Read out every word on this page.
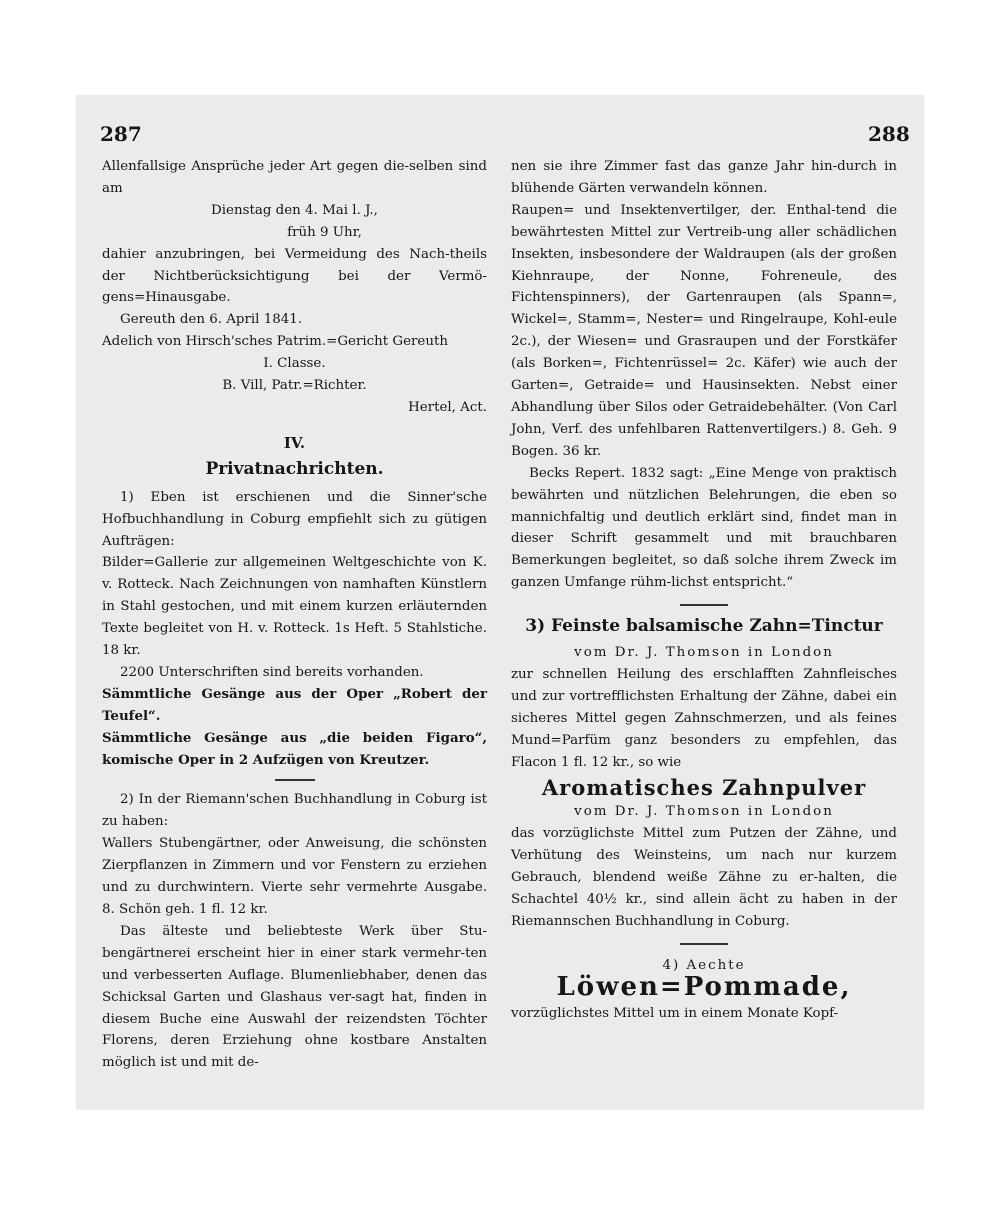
287	288

Allenfallsige Ansprüche jeder Art gegen die-selben sind am

Dienstag den 4. Mai l. J.,

früh 9 Uhr,

dahier anzubringen, bei Vermeidung des Nach-theils der Nichtberücksichtigung bei der Vermö-gens=Hinausgabe.

Gereuth den 6. April 1841.

Adelich von Hirsch'sches Patrim.=Gericht Gereuth

I. Classe.

B. Vill, Patr.=Richter.

Hertel, Act.

IV.
Privatnachrichten.

1) Eben ist erschienen und die Sinner'sche Hofbuchhandlung in Coburg empfiehlt sich zu gütigen Aufträgen:

Bilder=Gallerie zur allgemeinen Weltgeschichte von K. v. Rotteck. Nach Zeichnungen von namhaften Künstlern in Stahl gestochen, und mit einem kurzen erläuternden Texte begleitet von H. v. Rotteck. 1s Heft. 5 Stahlstiche. 18 kr.

2200 Unterschriften sind bereits vorhanden.

Sämmtliche Gesänge aus der Oper „Robert der Teufel“.

Sämmtliche Gesänge aus „die beiden Figaro“, komische Oper in 2 Aufzügen von Kreutzer.

2) In der Riemann'schen Buchhandlung in Coburg ist zu haben:

Wallers Stubengärtner, oder Anweisung, die schönsten Zierpflanzen in Zimmern und vor Fenstern zu erziehen und zu durchwintern. Vierte sehr vermehrte Ausgabe. 8. Schön geh. 1 fl. 12 kr.

Das älteste und beliebteste Werk über Stu-bengärtnerei erscheint hier in einer stark vermehr-ten und verbesserten Auflage. Blumenliebhaber, denen das Schicksal Garten und Glashaus ver-sagt hat, finden in diesem Buche eine Auswahl der reizendsten Töchter Florens, deren Erziehung ohne kostbare Anstalten möglich ist und mit de-

nen sie ihre Zimmer fast das ganze Jahr hin-durch in blühende Gärten verwandeln können.

Raupen= und Insektenvertilger, der. Enthal-tend die bewährtesten Mittel zur Vertreib-ung aller schädlichen Insekten, insbesondere der Waldraupen (als der großen Kiehnraupe, der Nonne, Fohreneule, des Fichtenspinners), der Gartenraupen (als Spann=, Wickel=, Stamm=, Nester= und Ringelraupe, Kohl-eule 2c.), der Wiesen= und Grasraupen und der Forstkäfer (als Borken=, Fichtenrüssel= 2c. Käfer) wie auch der Garten=, Getraide= und Hausinsekten. Nebst einer Abhandlung über Silos oder Getraidebehälter. (Von Carl John, Verf. des unfehlbaren Rattenvertilgers.) 8. Geh. 9 Bogen. 36 kr.

Becks Repert. 1832 sagt: „Eine Menge von praktisch bewährten und nützlichen Belehrungen, die eben so mannichfaltig und deutlich erklärt sind, findet man in dieser Schrift gesammelt und mit brauchbaren Bemerkungen begleitet, so daß solche ihrem Zweck im ganzen Umfange rühm-lichst entspricht.“

3) Feinste balsamische Zahn=Tinctur

vom Dr. J. Thomson in London

zur schnellen Heilung des erschlafften Zahnfleisches und zur vortrefflichsten Erhaltung der Zähne, dabei ein sicheres Mittel gegen Zahnschmerzen, und als feines Mund=Parfüm ganz besonders zu empfehlen, das Flacon 1 fl. 12 kr., so wie

Aromatisches Zahnpulver

vom Dr. J. Thomson in London

das vorzüglichste Mittel zum Putzen der Zähne, und Verhütung des Weinsteins, um nach nur kurzem Gebrauch, blendend weiße Zähne zu er-halten, die Schachtel 40½ kr., sind allein ächt zu haben in der Riemannschen Buchhandlung in Coburg.

4) Aechte

Löwen=Pommade,

vorzüglichstes Mittel um in einem Monate Kopf-
